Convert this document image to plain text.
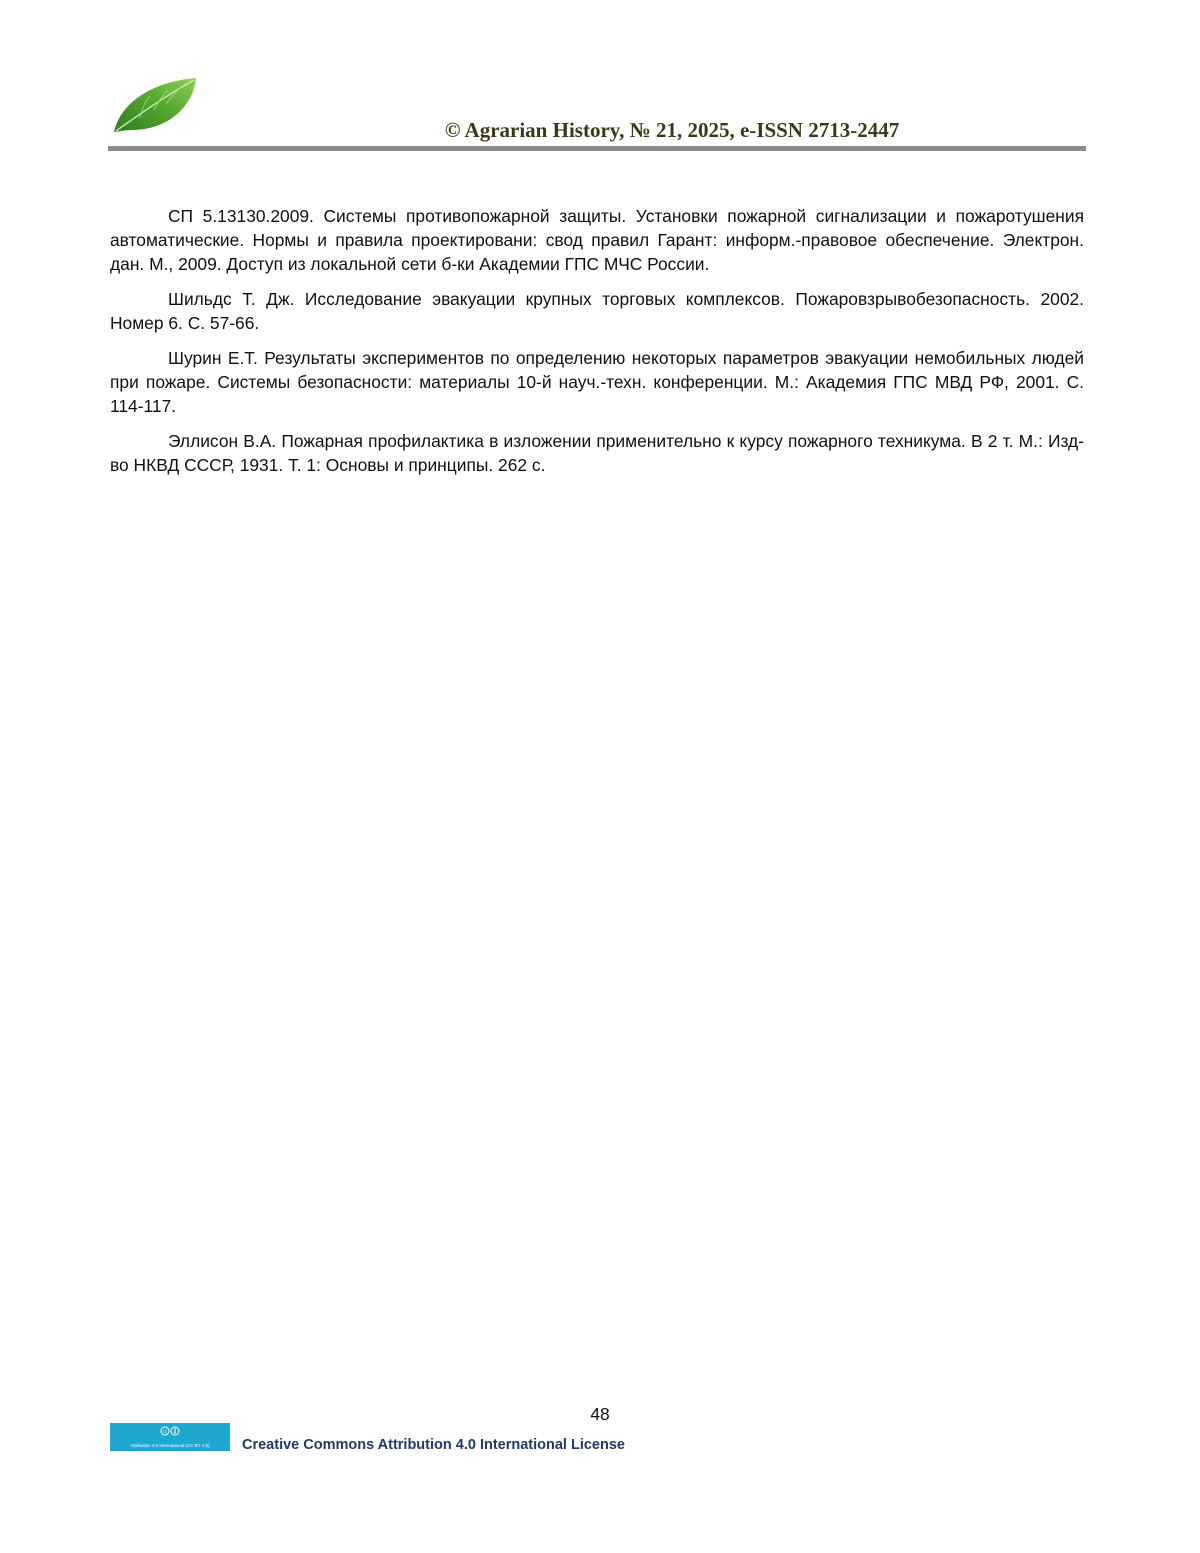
© Agrarian History, № 21, 2025, e-ISSN 2713-2447

СП 5.13130.2009. Системы противопожарной защиты. Установки пожарной сигнализации и пожаротушения автоматические. Нормы и правила проектировани: свод правил Гарант: информ.-правовое обеспечение. Электрон. дан. М., 2009. Доступ из локальной сети б-ки Академии ГПС МЧС России.

Шильдс Т. Дж. Исследование эвакуации крупных торговых комплексов. Пожаровзрывобезопасность. 2002. Номер 6. С. 57-66.

Шурин Е.Т. Результаты экспериментов по определению некоторых параметров эвакуации немобильных людей при пожаре. Системы безопасности: материалы 10-й науч.-техн. конференции. М.: Академия ГПС МВД РФ, 2001. С. 114-117.

Эллисон В.А. Пожарная профилактика в изложении применительно к курсу пожарного техникума. В 2 т. М.: Изд-во НКВД СССР, 1931. Т. 1: Основы и принципы. 262 с.

48
cc
Attribution 4.0 International (CC BY 4.0)	Creative Commons Attribution 4.0 International License
